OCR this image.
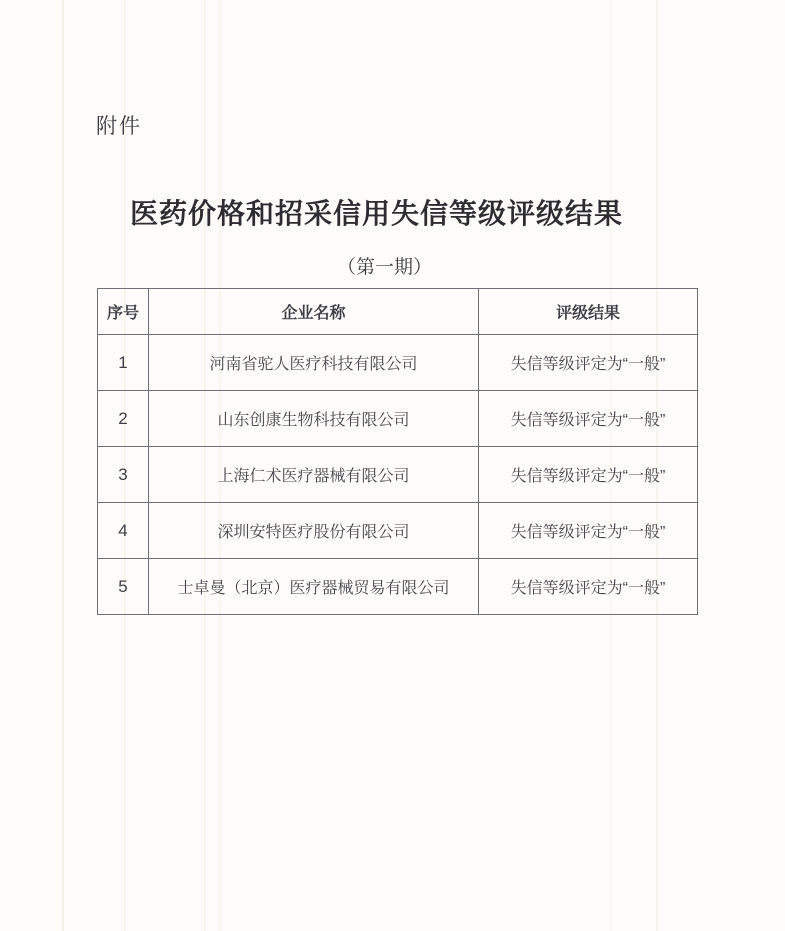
附件
医药价格和招采信用失信等级评级结果
（第一期）
序号	企业名称	评级结果
1	河南省驼人医疗科技有限公司	失信等级评定为“一般”
2	山东创康生物科技有限公司	失信等级评定为“一般”
3	上海仁术医疗器械有限公司	失信等级评定为“一般”
4	深圳安特医疗股份有限公司	失信等级评定为“一般”
5	士卓曼（北京）医疗器械贸易有限公司	失信等级评定为“一般”
